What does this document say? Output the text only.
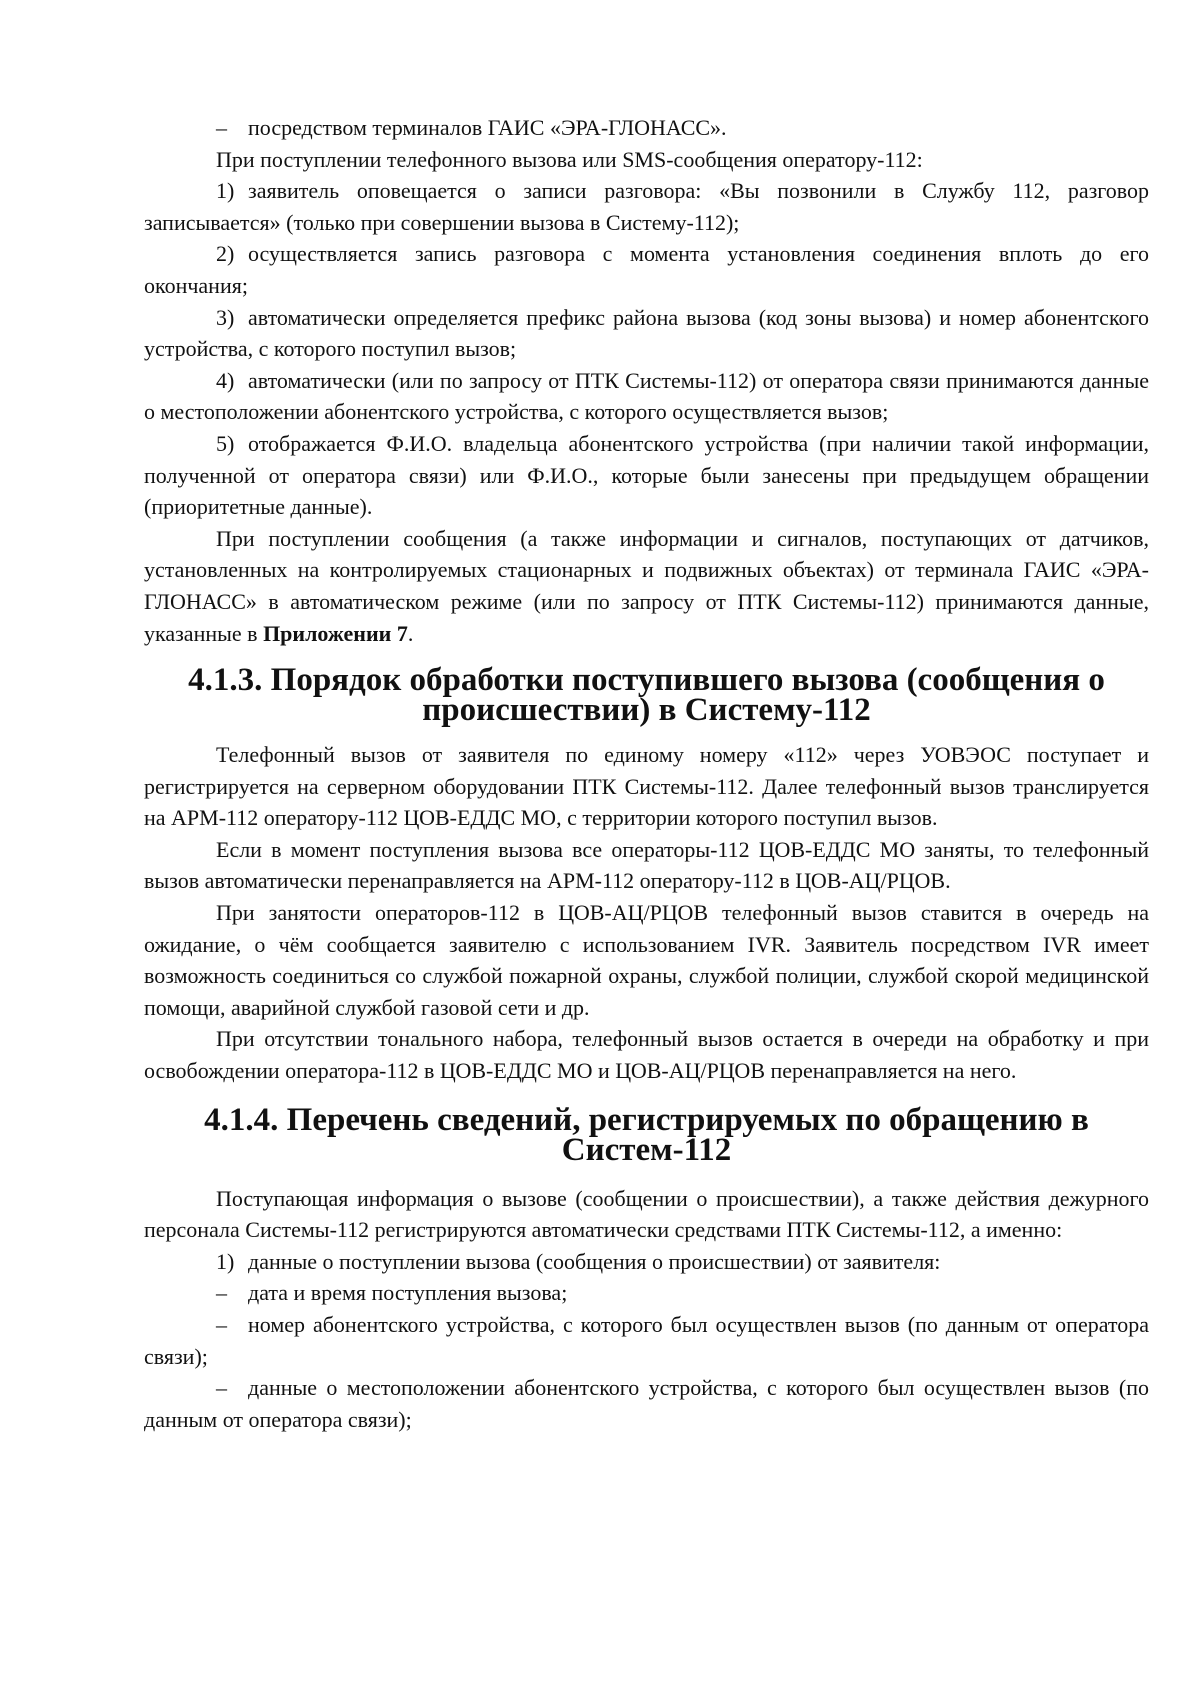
– посредством терминалов ГАИС «ЭРА-ГЛОНАСС».

При поступлении телефонного вызова или SMS-сообщения оператору-112:

1) заявитель оповещается о записи разговора: «Вы позвонили в Службу 112, разговор записывается» (только при совершении вызова в Систему-112);

2) осуществляется запись разговора с момента установления соединения вплоть до его окончания;

3) автоматически определяется префикс района вызова (код зоны вызова) и номер абонентского устройства, с которого поступил вызов;

4) автоматически (или по запросу от ПТК Системы-112) от оператора связи принимаются данные о местоположении абонентского устройства, с которого осуществляется вызов;

5) отображается Ф.И.О. владельца абонентского устройства (при наличии такой информации, полученной от оператора связи) или Ф.И.О., которые были занесены при предыдущем обращении (приоритетные данные).

При поступлении сообщения (а также информации и сигналов, поступающих от датчиков, установленных на контролируемых стационарных и подвижных объектах) от терминала ГАИС «ЭРА-ГЛОНАСС» в автоматическом режиме (или по запросу от ПТК Системы-112) принимаются данные, указанные в Приложении 7.

4.1.3. Порядок обработки поступившего вызова (сообщения о происшествии) в Систему-112

Телефонный вызов от заявителя по единому номеру «112» через УОВЭОС поступает и регистрируется на серверном оборудовании ПТК Системы-112. Далее телефонный вызов транслируется на АРМ-112 оператору-112 ЦОВ-ЕДДС МО, с территории которого поступил вызов.

Если в момент поступления вызова все операторы-112 ЦОВ-ЕДДС МО заняты, то телефонный вызов автоматически перенаправляется на АРМ-112 оператору-112 в ЦОВ-АЦ/РЦОВ.

При занятости операторов-112 в ЦОВ-АЦ/РЦОВ телефонный вызов ставится в очередь на ожидание, о чём сообщается заявителю с использованием IVR. Заявитель посредством IVR имеет возможность соединиться со службой пожарной охраны, службой полиции, службой скорой медицинской помощи, аварийной службой газовой сети и др.

При отсутствии тонального набора, телефонный вызов остается в очереди на обработку и при освобождении оператора-112 в ЦОВ-ЕДДС МО и ЦОВ-АЦ/РЦОВ перенаправляется на него.

4.1.4. Перечень сведений, регистрируемых по обращению в Систем-112

Поступающая информация о вызове (сообщении о происшествии), а также действия дежурного персонала Системы-112 регистрируются автоматически средствами ПТК Системы-112, а именно:

1) данные о поступлении вызова (сообщения о происшествии) от заявителя:

– дата и время поступления вызова;

– номер абонентского устройства, с которого был осуществлен вызов (по данным от оператора связи);

– данные о местоположении абонентского устройства, с которого был осуществлен вызов (по данным от оператора связи);
